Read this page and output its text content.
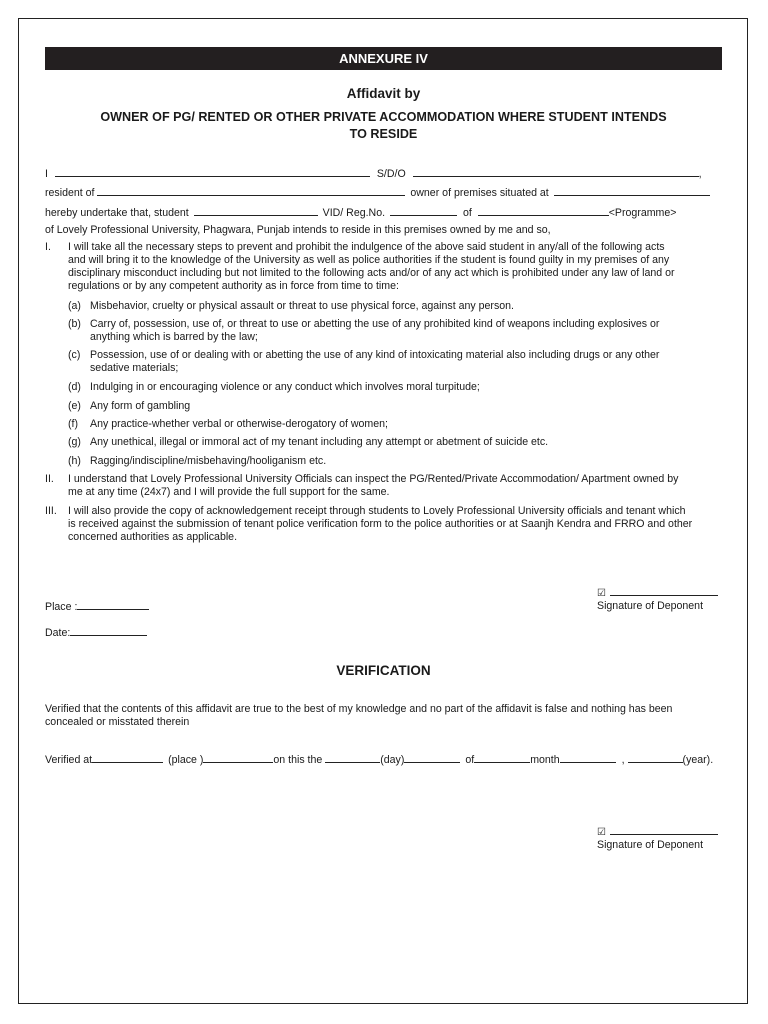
ANNEXURE IV
Affidavit by
OWNER OF PG/ RENTED OR OTHER PRIVATE ACCOMMODATION WHERE STUDENT INTENDS
TO RESIDE
I	S/D/O	,
resident of	owner of premises situated at
hereby undertake that, student	VID/ Reg.No.	of	<Programme>
of Lovely Professional University, Phagwara, Punjab intends to reside in this premises owned by me and so,
I. I will take all the necessary steps to prevent and prohibit the indulgence of the above said student in any/all of the following acts
and will bring it to the knowledge of the University as well as police authorities if the student is found guilty in my premises of any
disciplinary misconduct including but not limited to the following acts and/or of any act which is prohibited under any law of land or
regulations or by any competent authority as in force from time to time:
(a) Misbehavior, cruelty or physical assault or threat to use physical force, against any person.
(b) Carry of, possession, use of, or threat to use or abetting the use of any prohibited kind of weapons including explosives or
anything which is barred by the law;
(c) Possession, use of or dealing with or abetting the use of any kind of intoxicating material also including drugs or any other
sedative materials;
(d) Indulging in or encouraging violence or any conduct which involves moral turpitude;
(e) Any form of gambling
(f) Any practice-whether verbal or otherwise-derogatory of women;
(g) Any unethical, illegal or immoral act of my tenant including any attempt or abetment of suicide etc.
(h) Ragging/indiscipline/misbehaving/hooliganism etc.
II. I understand that Lovely Professional University Officials can inspect the PG/Rented/Private Accommodation/ Apartment owned by
me at any time (24x7) and I will provide the full support for the same.
III. I will also provide the copy of acknowledgement receipt through students to Lovely Professional University officials and tenant which
is received against the submission of tenant police verification form to the police authorities or at Saanjh Kendra and FRRO and other
concerned authorities as applicable.
☑
Signature of Deponent
Place :
Date:
VERIFICATION
Verified that the contents of this affidavit are true to the best of my knowledge and no part of the affidavit is false and nothing has been
concealed or misstated therein
Verified at	(place )	on this the	(day)	of	month	,	(year).
☑
Signature of Deponent
